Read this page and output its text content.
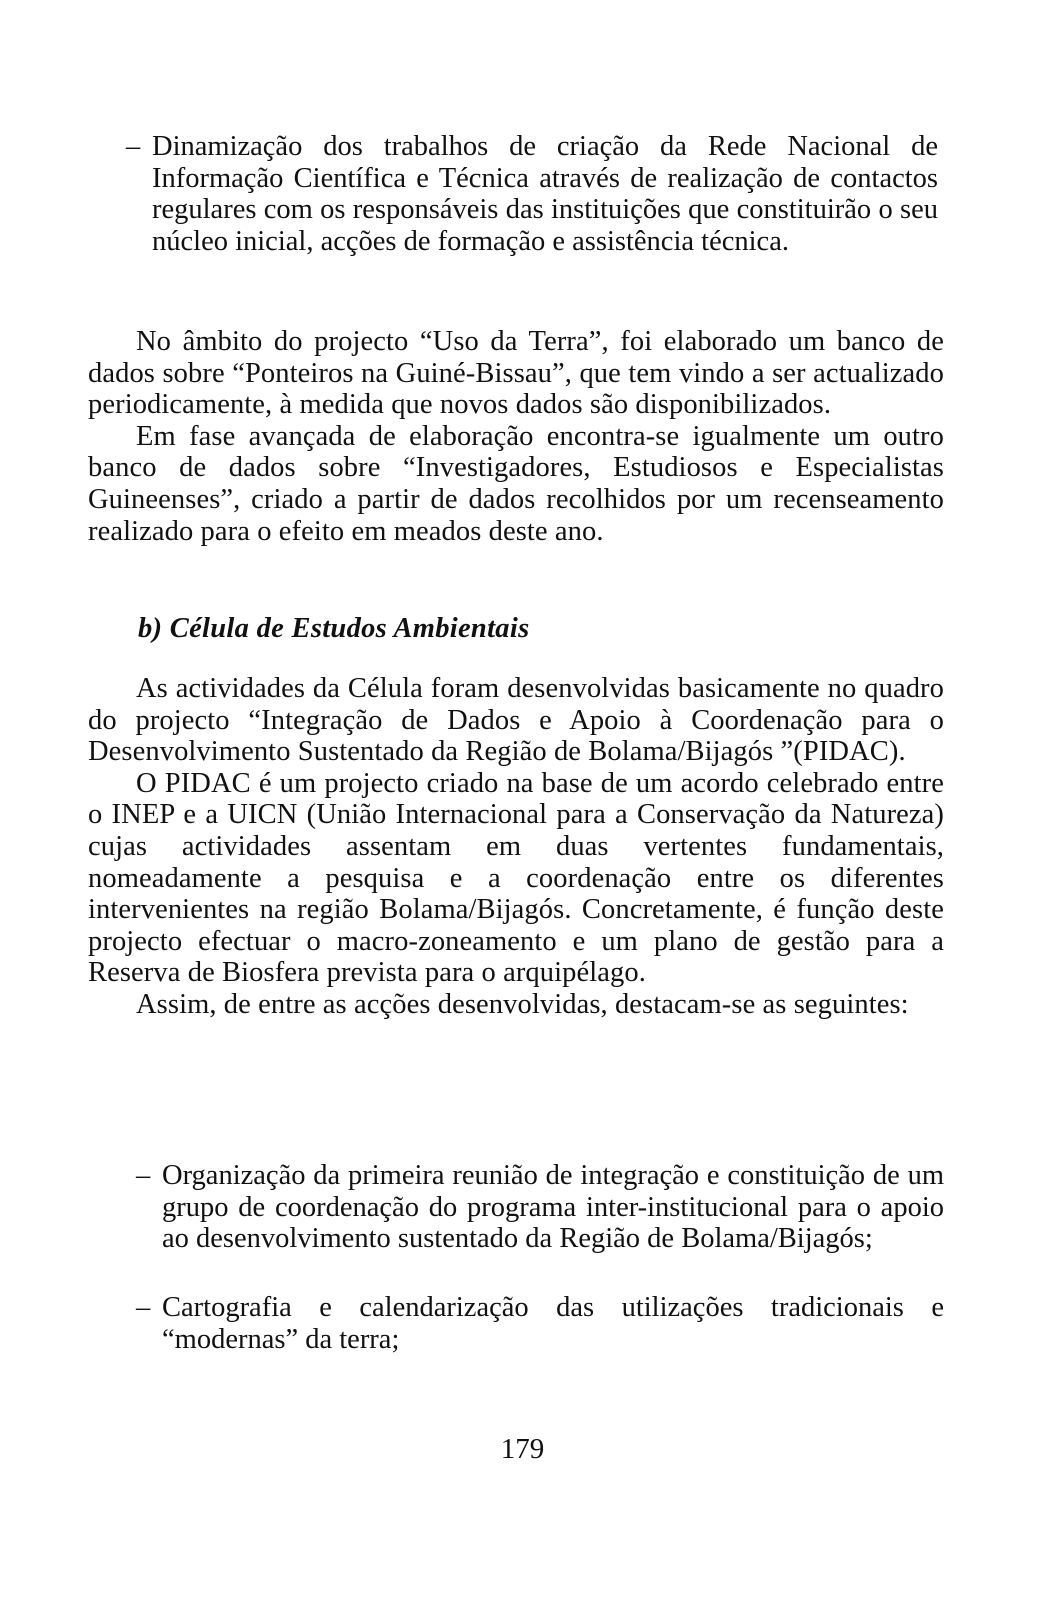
– Dinamização dos trabalhos de criação da Rede Nacional de Informação Científica e Técnica através de realização de contactos regulares com os responsáveis das instituições que constituirão o seu núcleo inicial, acções de formação e assistência técnica.

No âmbito do projecto “Uso da Terra”, foi elaborado um banco de dados sobre “Ponteiros na Guiné-Bissau”, que tem vindo a ser actualizado periodicamente, à medida que novos dados são disponibilizados.

Em fase avançada de elaboração encontra-se igualmente um outro banco de dados sobre “Investigadores, Estudiosos e Especialistas Guineenses”, criado a partir de dados recolhidos por um recenseamento realizado para o efeito em meados deste ano.

b) Célula de Estudos Ambientais

As actividades da Célula foram desenvolvidas basicamente no quadro do projecto “Integração de Dados e Apoio à Coordenação para o Desenvolvimento Sustentado da Região de Bolama/Bijagós ”(PIDAC).

O PIDAC é um projecto criado na base de um acordo celebrado entre o INEP e a UICN (União Internacional para a Conservação da Natureza) cujas actividades assentam em duas vertentes fundamentais, nomeadamente a pesquisa e a coordenação entre os diferentes intervenientes na região Bolama/Bijagós. Concretamente, é função deste projecto efectuar o macro-zoneamento e um plano de gestão para a Reserva de Biosfera prevista para o arquipélago.

Assim, de entre as acções desenvolvidas, destacam-se as seguintes:

– Organização da primeira reunião de integração e constituição de um grupo de coordenação do programa inter-institucional para o apoio ao desenvolvimento sustentado da Região de Bolama/Bijagós;

– Cartografia e calendarização das utilizações tradicionais e “modernas” da terra;

179
